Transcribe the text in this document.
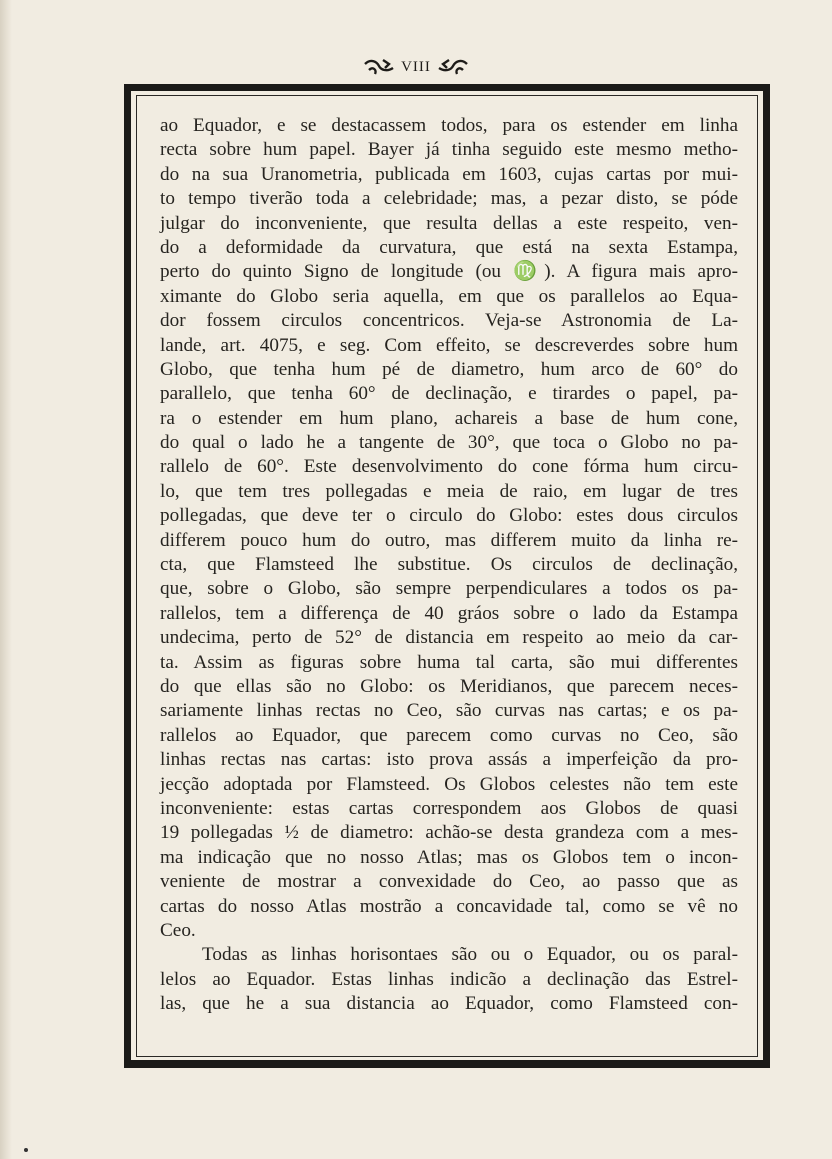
VIII
ao Equador, e se destacassem todos, para os estender em linha
recta sobre hum papel. Bayer já tinha seguido este mesmo metho-
do na sua Uranometria, publicada em 1603, cujas cartas por mui-
to tempo tiverão toda a celebridade; mas, a pezar disto, se póde
julgar do inconveniente, que resulta dellas a este respeito, ven-
do a deformidade da curvatura, que está na sexta Estampa,
perto do quinto Signo de longitude (ou ♍). A figura mais apro-
ximante do Globo seria aquella, em que os parallelos ao Equa-
dor fossem circulos concentricos. Veja-se Astronomia de La-
lande, art. 4075, e seg. Com effeito, se descreverdes sobre hum
Globo, que tenha hum pé de diametro, hum arco de 60° do
parallelo, que tenha 60° de declinação, e tirardes o papel, pa-
ra o estender em hum plano, achareis a base de hum cone,
do qual o lado he a tangente de 30°, que toca o Globo no pa-
rallelo de 60°. Este desenvolvimento do cone fórma hum circu-
lo, que tem tres pollegadas e meia de raio, em lugar de tres
pollegadas, que deve ter o circulo do Globo: estes dous circulos
differem pouco hum do outro, mas differem muito da linha re-
cta, que Flamsteed lhe substitue. Os circulos de declinação,
que, sobre o Globo, são sempre perpendiculares a todos os pa-
rallelos, tem a differença de 40 gráos sobre o lado da Estampa
undecima, perto de 52° de distancia em respeito ao meio da car-
ta. Assim as figuras sobre huma tal carta, são mui differentes
do que ellas são no Globo: os Meridianos, que parecem neces-
sariamente linhas rectas no Ceo, são curvas nas cartas; e os pa-
rallelos ao Equador, que parecem como curvas no Ceo, são
linhas rectas nas cartas: isto prova assás a imperfeição da pro-
jecção adoptada por Flamsteed. Os Globos celestes não tem este
inconveniente: estas cartas correspondem aos Globos de quasi
19 pollegadas ½ de diametro: achão-se desta grandeza com a mes-
ma indicação que no nosso Atlas; mas os Globos tem o incon-
veniente de mostrar a convexidade do Ceo, ao passo que as
cartas do nosso Atlas mostrão a concavidade tal, como se vê no
Ceo.
Todas as linhas horisontaes são ou o Equador, ou os paral-
lelos ao Equador. Estas linhas indicão a declinação das Estrel-
las, que he a sua distancia ao Equador, como Flamsteed con-
